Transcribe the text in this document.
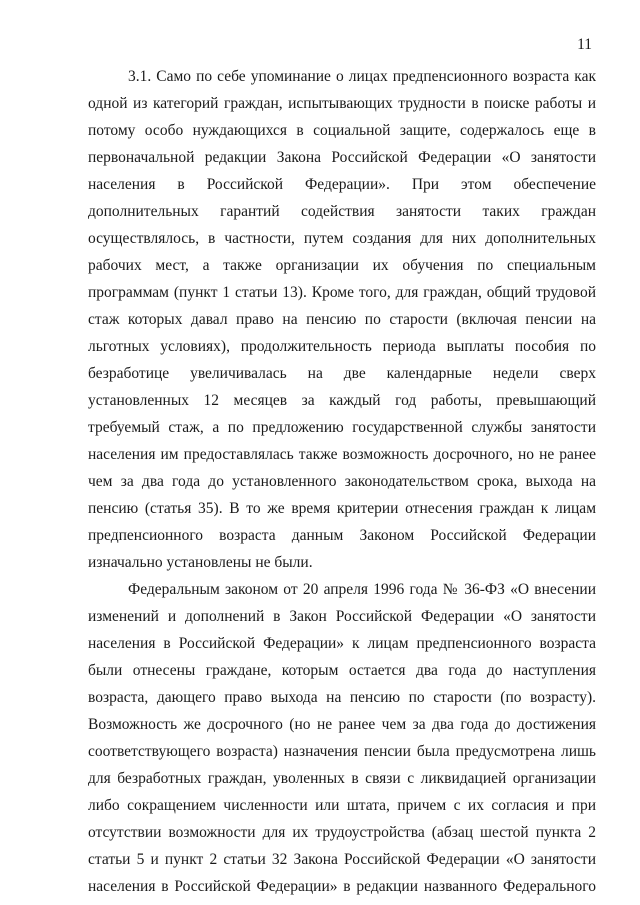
11
3.1. Само по себе упоминание о лицах предпенсионного возраста как
одной из категорий граждан, испытывающих трудности в поиске работы и
потому особо нуждающихся в социальной защите, содержалось еще в
первоначальной редакции Закона Российской Федерации «О занятости
населения в Российской Федерации». При этом обеспечение
дополнительных гарантий содействия занятости таких граждан
осуществлялось, в частности, путем создания для них дополнительных
рабочих мест, а также организации их обучения по специальным
программам (пункт 1 статьи 13). Кроме того, для граждан, общий трудовой
стаж которых давал право на пенсию по старости (включая пенсии на
льготных условиях), продолжительность периода выплаты пособия по
безработице увеличивалась на две календарные недели сверх
установленных 12 месяцев за каждый год работы, превышающий
требуемый стаж, а по предложению государственной службы занятости
населения им предоставлялась также возможность досрочного, но не ранее
чем за два года до установленного законодательством срока, выхода на
пенсию (статья 35). В то же время критерии отнесения граждан к лицам
предпенсионного возраста данным Законом Российской Федерации
изначально установлены не были.
Федеральным законом от 20 апреля 1996 года № 36-ФЗ «О внесении
изменений и дополнений в Закон Российской Федерации «О занятости
населения в Российской Федерации» к лицам предпенсионного возраста
были отнесены граждане, которым остается два года до наступления
возраста, дающего право выхода на пенсию по старости (по возрасту).
Возможность же досрочного (но не ранее чем за два года до достижения
соответствующего возраста) назначения пенсии была предусмотрена лишь
для безработных граждан, уволенных в связи с ликвидацией организации
либо сокращением численности или штата, причем с их согласия и при
отсутствии возможности для их трудоустройства (абзац шестой пункта 2
статьи 5 и пункт 2 статьи 32 Закона Российской Федерации «О занятости
населения в Российской Федерации» в редакции названного Федерального
